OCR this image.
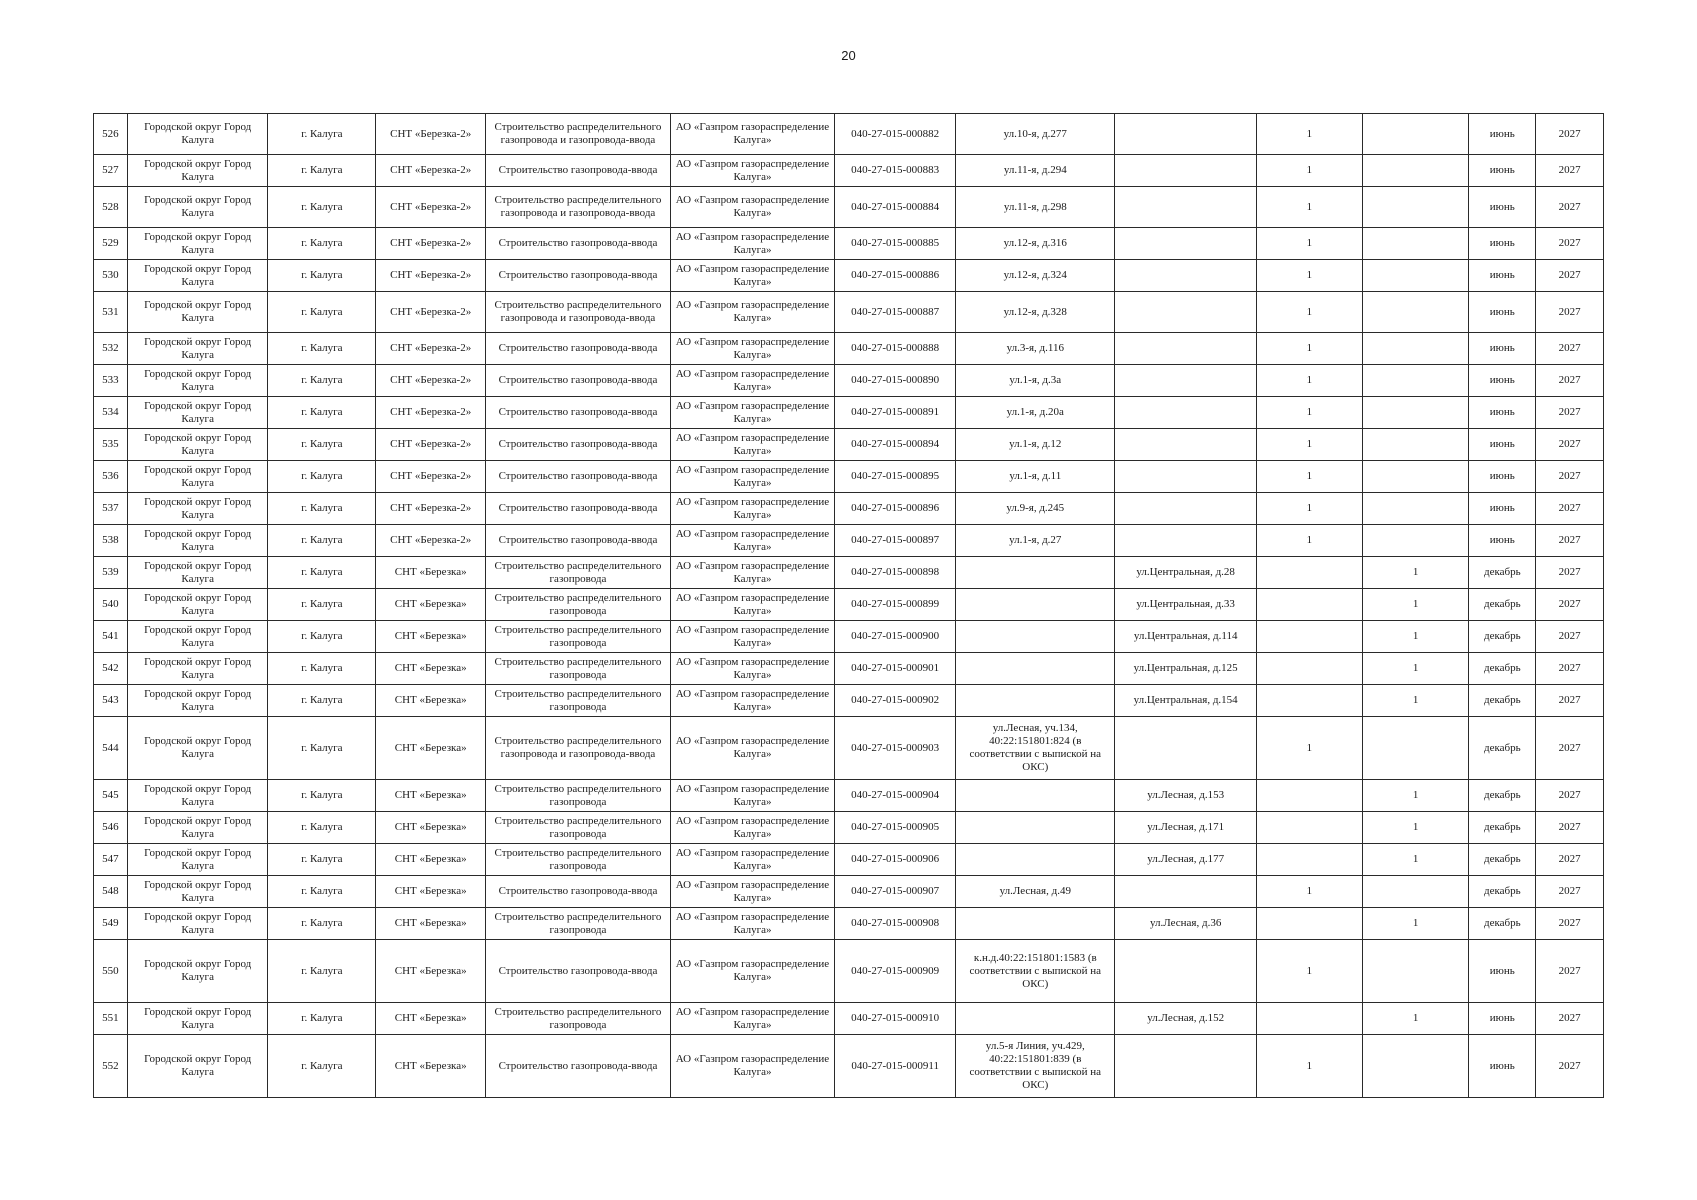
20
526	Городской округ Город Калуга	г. Калуга	СНТ «Березка-2»	Строительство распределительного газопровода и газопровода-ввода	АО «Газпром газораспределение Калуга»	040-27-015-000882	ул.10-я, д.277		1		июнь	2027
527	Городской округ Город Калуга	г. Калуга	СНТ «Березка-2»	Строительство газопровода-ввода	АО «Газпром газораспределение Калуга»	040-27-015-000883	ул.11-я, д.294		1		июнь	2027
528	Городской округ Город Калуга	г. Калуга	СНТ «Березка-2»	Строительство распределительного газопровода и газопровода-ввода	АО «Газпром газораспределение Калуга»	040-27-015-000884	ул.11-я, д.298		1		июнь	2027
529	Городской округ Город Калуга	г. Калуга	СНТ «Березка-2»	Строительство газопровода-ввода	АО «Газпром газораспределение Калуга»	040-27-015-000885	ул.12-я, д.316		1		июнь	2027
530	Городской округ Город Калуга	г. Калуга	СНТ «Березка-2»	Строительство газопровода-ввода	АО «Газпром газораспределение Калуга»	040-27-015-000886	ул.12-я, д.324		1		июнь	2027
531	Городской округ Город Калуга	г. Калуга	СНТ «Березка-2»	Строительство распределительного газопровода и газопровода-ввода	АО «Газпром газораспределение Калуга»	040-27-015-000887	ул.12-я, д.328		1		июнь	2027
532	Городской округ Город Калуга	г. Калуга	СНТ «Березка-2»	Строительство газопровода-ввода	АО «Газпром газораспределение Калуга»	040-27-015-000888	ул.3-я, д.116		1		июнь	2027
533	Городской округ Город Калуга	г. Калуга	СНТ «Березка-2»	Строительство газопровода-ввода	АО «Газпром газораспределение Калуга»	040-27-015-000890	ул.1-я, д.3а		1		июнь	2027
534	Городской округ Город Калуга	г. Калуга	СНТ «Березка-2»	Строительство газопровода-ввода	АО «Газпром газораспределение Калуга»	040-27-015-000891	ул.1-я, д.20а		1		июнь	2027
535	Городской округ Город Калуга	г. Калуга	СНТ «Березка-2»	Строительство газопровода-ввода	АО «Газпром газораспределение Калуга»	040-27-015-000894	ул.1-я, д.12		1		июнь	2027
536	Городской округ Город Калуга	г. Калуга	СНТ «Березка-2»	Строительство газопровода-ввода	АО «Газпром газораспределение Калуга»	040-27-015-000895	ул.1-я, д.11		1		июнь	2027
537	Городской округ Город Калуга	г. Калуга	СНТ «Березка-2»	Строительство газопровода-ввода	АО «Газпром газораспределение Калуга»	040-27-015-000896	ул.9-я, д.245		1		июнь	2027
538	Городской округ Город Калуга	г. Калуга	СНТ «Березка-2»	Строительство газопровода-ввода	АО «Газпром газораспределение Калуга»	040-27-015-000897	ул.1-я, д.27		1		июнь	2027
539	Городской округ Город Калуга	г. Калуга	СНТ «Березка»	Строительство распределительного газопровода	АО «Газпром газораспределение Калуга»	040-27-015-000898		ул.Центральная, д.28		1	декабрь	2027
540	Городской округ Город Калуга	г. Калуга	СНТ «Березка»	Строительство распределительного газопровода	АО «Газпром газораспределение Калуга»	040-27-015-000899		ул.Центральная, д.33		1	декабрь	2027
541	Городской округ Город Калуга	г. Калуга	СНТ «Березка»	Строительство распределительного газопровода	АО «Газпром газораспределение Калуга»	040-27-015-000900		ул.Центральная, д.114		1	декабрь	2027
542	Городской округ Город Калуга	г. Калуга	СНТ «Березка»	Строительство распределительного газопровода	АО «Газпром газораспределение Калуга»	040-27-015-000901		ул.Центральная, д.125		1	декабрь	2027
543	Городской округ Город Калуга	г. Калуга	СНТ «Березка»	Строительство распределительного газопровода	АО «Газпром газораспределение Калуга»	040-27-015-000902		ул.Центральная, д.154		1	декабрь	2027
544	Городской округ Город Калуга	г. Калуга	СНТ «Березка»	Строительство распределительного газопровода и газопровода-ввода	АО «Газпром газораспределение Калуга»	040-27-015-000903	ул.Лесная, уч.134, 40:22:151801:824 (в соответствии с выпиской на ОКС)		1		декабрь	2027
545	Городской округ Город Калуга	г. Калуга	СНТ «Березка»	Строительство распределительного газопровода	АО «Газпром газораспределение Калуга»	040-27-015-000904		ул.Лесная, д.153		1	декабрь	2027
546	Городской округ Город Калуга	г. Калуга	СНТ «Березка»	Строительство распределительного газопровода	АО «Газпром газораспределение Калуга»	040-27-015-000905		ул.Лесная, д.171		1	декабрь	2027
547	Городской округ Город Калуга	г. Калуга	СНТ «Березка»	Строительство распределительного газопровода	АО «Газпром газораспределение Калуга»	040-27-015-000906		ул.Лесная, д.177		1	декабрь	2027
548	Городской округ Город Калуга	г. Калуга	СНТ «Березка»	Строительство газопровода-ввода	АО «Газпром газораспределение Калуга»	040-27-015-000907	ул.Лесная, д.49		1		декабрь	2027
549	Городской округ Город Калуга	г. Калуга	СНТ «Березка»	Строительство распределительного газопровода	АО «Газпром газораспределение Калуга»	040-27-015-000908		ул.Лесная, д.36		1	декабрь	2027
550	Городской округ Город Калуга	г. Калуга	СНТ «Березка»	Строительство газопровода-ввода	АО «Газпром газораспределение Калуга»	040-27-015-000909	к.н.д.40:22:151801:1583 (в соответствии с выпиской на ОКС)		1		июнь	2027
551	Городской округ Город Калуга	г. Калуга	СНТ «Березка»	Строительство распределительного газопровода	АО «Газпром газораспределение Калуга»	040-27-015-000910		ул.Лесная, д.152		1	июнь	2027
552	Городской округ Город Калуга	г. Калуга	СНТ «Березка»	Строительство газопровода-ввода	АО «Газпром газораспределение Калуга»	040-27-015-000911	ул.5-я Линия, уч.429, 40:22:151801:839 (в соответствии с выпиской на ОКС)		1		июнь	2027
